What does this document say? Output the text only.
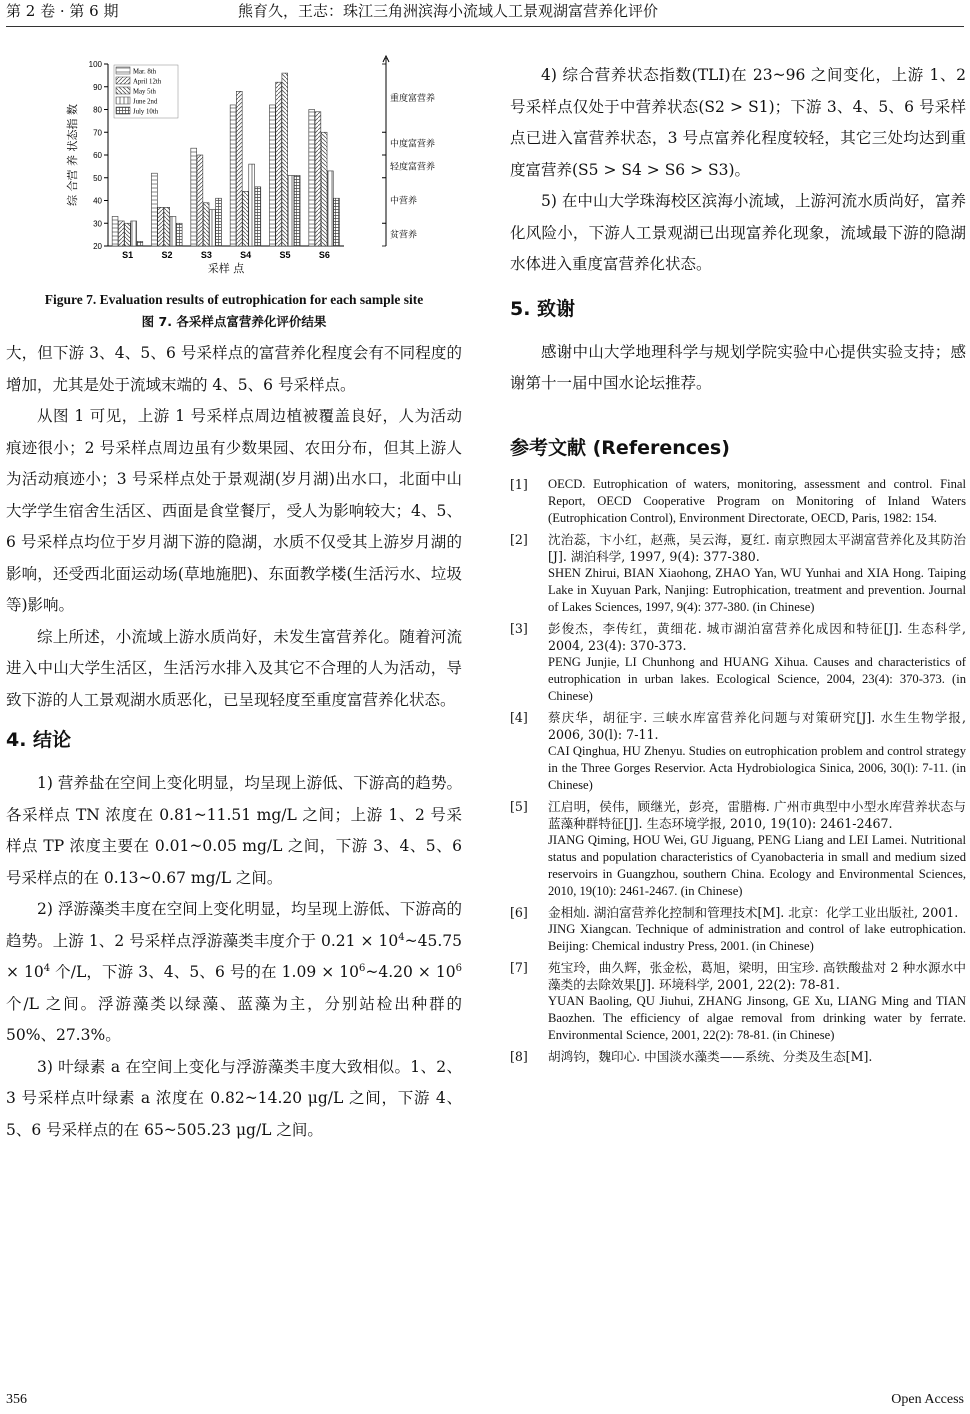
第 2 卷 · 第 6 期	熊育久，王志：珠江三角洲滨海小流域人工景观湖富营养化评价
20
30
40
50
60
70
80
90
100
综 合营 养 状态指 数
S1	S2	S3	S4	S5	S6
采样 点
Mar. 8th
April 12th
May 5th
June 2nd
July 10th
重度富营养
中度富营养
轻度富营养
中营养
贫营养
Figure 7. Evaluation results of eutrophication for each sample site
图 7. 各采样点富营养化评价结果

大，但下游 3、4、5、6 号采样点的富营养化程度会有不同程度的增加，尤其是处于流域末端的 4、5、6 号采样点。

从图 1 可见，上游 1 号采样点周边植被覆盖良好，人为活动痕迹很小；2 号采样点周边虽有少数果园、农田分布，但其上游人为活动痕迹小；3 号采样点处于景观湖(岁月湖)出水口，北面中山大学学生宿舍生活区、西面是食堂餐厅，受人为影响较大；4、5、6 号采样点均位于岁月湖下游的隐湖，水质不仅受其上游岁月湖的影响，还受西北面运动场(草地施肥)、东面教学楼(生活污水、垃圾等)影响。

综上所述，小流域上游水质尚好，未发生富营养化。随着河流进入中山大学生活区，生活污水排入及其它不合理的人为活动，导致下游的人工景观湖水质恶化，已呈现轻度至重度富营养化状态。

4. 结论

1) 营养盐在空间上变化明显，均呈现上游低、下游高的趋势。各采样点 TN 浓度在 0.81~11.51 mg/L 之间；上游 1、2 号采样点 TP 浓度主要在 0.01~0.05 mg/L 之间，下游 3、4、5、6 号采样点的在 0.13~0.67 mg/L 之间。

2) 浮游藻类丰度在空间上变化明显，均呈现上游低、下游高的趋势。上游 1、2 号采样点浮游藻类丰度介于 $0.21 \times 10^4\sim 45.75 \times 10^4$ 个/L，下游 3、4、5、6 号的在 $1.09 \times 10^6\sim 4.20 \times 10^6$ 个/L 之间。浮游藻类以绿藻、蓝藻为主，分别站检出种群的 50%、27.3%。

3) 叶绿素 a 在空间上变化与浮游藻类丰度大致相似。1、2、3 号采样点叶绿素 a 浓度在 0.82~14.20 μg/L 之间，下游 4、5、6 号采样点的在 65~505.23 μg/L 之间。

4) 综合营养状态指数(TLI)在 23~96 之间变化，上游 1、2 号采样点仅处于中营养状态(S2 > S1)；下游 3、4、5、6 号采样点已进入富营养状态，3 号点富养化程度较轻，其它三处均达到重度富营养(S5 > S4 > S6 > S3)。

5) 在中山大学珠海校区滨海小流域，上游河流水质尚好，富养化风险小，下游人工景观湖已出现富养化现象，流域最下游的隐湖水体进入重度富营养化状态。

5. 致谢

感谢中山大学地理科学与规划学院实验中心提供实验支持；感谢第十一届中国水论坛推荐。

参考文献 (References)
[1] OECD. Eutrophication of waters, monitoring, assessment and control. Final Report, OECD Cooperative Program on Monitoring of Inland Waters (Eutrophication Control), Environment Directorate, OECD, Paris, 1982: 154.
[2] 沈治蕊，卞小红，赵燕，吴云海，夏红. 南京煦园太平湖富营养化及其防治[J]. 湖泊科学, 1997, 9(4): 377-380.
SHEN Zhirui, BIAN Xiaohong, ZHAO Yan, WU Yunhai and XIA Hong. Taiping Lake in Xuyuan Park, Nanjing: Eutrophication, treatment and prevention. Journal of Lakes Sciences, 1997, 9(4): 377-380. (in Chinese)
[3] 彭俊杰，李传红，黄细花. 城市湖泊富营养化成因和特征[J]. 生态科学, 2004, 23(4): 370-373.
PENG Junjie, LI Chunhong and HUANG Xihua. Causes and characteristics of eutrophication in urban lakes. Ecological Science, 2004, 23(4): 370-373. (in Chinese)
[4] 蔡庆华，胡征宇. 三峡水库富营养化问题与对策研究[J]. 水生生物学报, 2006, 30(l): 7-11.
CAI Qinghua, HU Zhenyu. Studies on eutrophication problem and control strategy in the Three Gorges Reservior. Acta Hydrobiologica Sinica, 2006, 30(l): 7-11. (in Chinese)
[5] 江启明，侯伟，顾继光，彭亮，雷腊梅. 广州市典型中小型水库营养状态与蓝藻种群特征[J]. 生态环境学报, 2010, 19(10): 2461-2467.
JIANG Qiming, HOU Wei, GU Jiguang, PENG Liang and LEI Lamei. Nutritional status and population characteristics of Cyanobacteria in small and medium sized reservoirs in Guangzhou, southern China. Ecology and Environmental Sciences, 2010, 19(10): 2461-2467. (in Chinese)
[6] 金相灿. 湖泊富营养化控制和管理技术[M]. 北京：化学工业出版社, 2001.
JING Xiangcan. Technique of administration and control of lake eutrophication. Beijing: Chemical industry Press, 2001. (in Chinese)
[7] 苑宝玲，曲久辉，张金松，葛旭，梁明，田宝珍. 高铁酸盐对 2 种水源水中藻类的去除效果[J]. 环境科学, 2001, 22(2): 78-81.
YUAN Baoling, QU Jiuhui, ZHANG Jinsong, GE Xu, LIANG Ming and TIAN Baozhen. The efficiency of algae removal from drinking water by ferrate. Environmental Science, 2001, 22(2): 78-81. (in Chinese)
[8] 胡鸿钧，魏印心. 中国淡水藻类——系统、分类及生态[M].
356	Open Access
